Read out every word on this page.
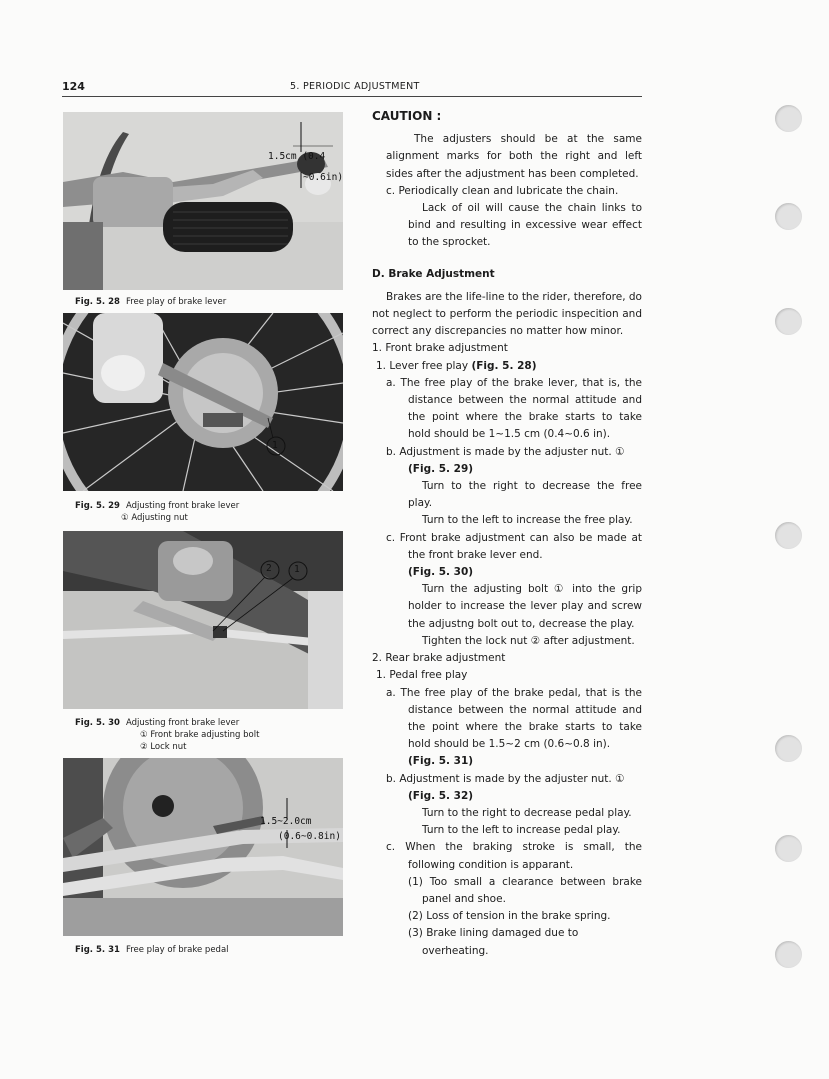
124	5. PERIODIC ADJUSTMENT
1.5cm (0.4
~0.6in)
Fig. 5. 28 Free play of brake lever
1
Fig. 5. 29 Adjusting front brake lever
① Adjusting nut
2 1
Fig. 5. 30 Adjusting front brake lever
① Front brake adjusting bolt
② Lock nut
1.5~2.0cm
(0.6~0.8in)
Fig. 5. 31 Free play of brake pedal

CAUTION :

The adjusters should be at the same alignment marks for both the right and left sides after the adjustment has been completed.

c. Periodically clean and lubricate the chain.

Lack of oil will cause the chain links to bind and resulting in excessive wear effect to the sprocket.

D. Brake Adjustment

Brakes are the life-line to the rider, therefore, do not neglect to perform the periodic inspecition and correct any discrepancies no matter how minor.

1. Front brake adjustment

1. Lever free play (Fig. 5. 28)

a. The free play of the brake lever, that is, the distance between the normal attitude and the point where the brake starts to take hold should be 1~1.5 cm (0.4~0.6 in).

b. Adjustment is made by the adjuster nut. ①

(Fig. 5. 29)

Turn to the right to decrease the free play.

Turn to the left to increase the free play.

c. Front brake adjustment can also be made at the front brake lever end.

(Fig. 5. 30)

Turn the adjusting bolt ① into the grip holder to increase the lever play and screw the adjustng bolt out to, decrease the play.

Tighten the lock nut ② after adjustment.

2. Rear brake adjustment

1. Pedal free play

a. The free play of the brake pedal, that is the distance between the normal attitude and the point where the brake starts to take hold should be 1.5~2 cm (0.6~0.8 in).

(Fig. 5. 31)

b. Adjustment is made by the adjuster nut. ①

(Fig. 5. 32)

Turn to the right to decrease pedal play.

Turn to the left to increase pedal play.

c. When the braking stroke is small, the following condition is apparant.

(1) Too small a clearance between brake panel and shoe.

(2) Loss of tension in the brake spring.

(3) Brake lining damaged due to overheating.
